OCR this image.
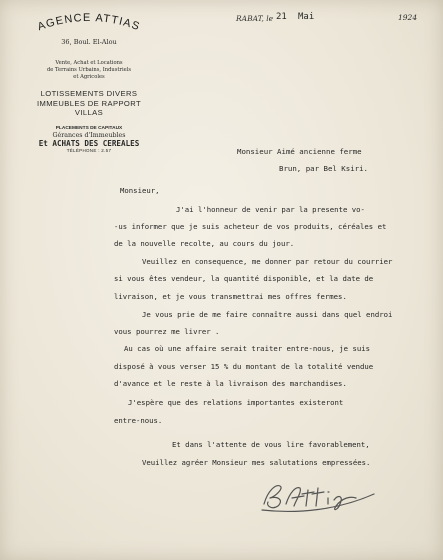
AGENCE ATTIAS
36, Boul. El-Alou
Vente, Achat et Locations
de Terrains Urbains, Industriels
et Agricoles
LOTISSEMENTS DIVERS
IMMEUBLES DE RAPPORT
VILLAS
PLACEMENTS DE CAPITAUX
Gérances d'Immeubles
Et ACHATS DES CEREALES
TÉLÉPHONE : 2.57
RABAT, le 21 Mai	1924
Monsieur Aimé ancienne ferme
Brun, par Bel Ksiri.
Monsieur,
J'ai l'honneur de venir par la presente vo-
-us informer que je suis acheteur de vos produits, céréales et
de la nouvelle recolte, au cours du jour.
Veuillez en consequence, me donner par retour du courrier
si vous êtes vendeur, la quantité disponible, et la date de
livraison, et je vous transmettrai mes offres fermes.
Je vous prie de me faire connaître aussi dans quel endroi
vous pourrez me livrer .
Au cas où une affaire serait traiter entre-nous, je suis
disposé à vous verser 15 % du montant de la totalité vendue
d'avance et le reste à la livraison des marchandises.
J'espère que des relations importantes existeront
entre-nous.
Et dans l'attente de vous lire favorablement,
Veuillez agréer Monsieur mes salutations empressées.
